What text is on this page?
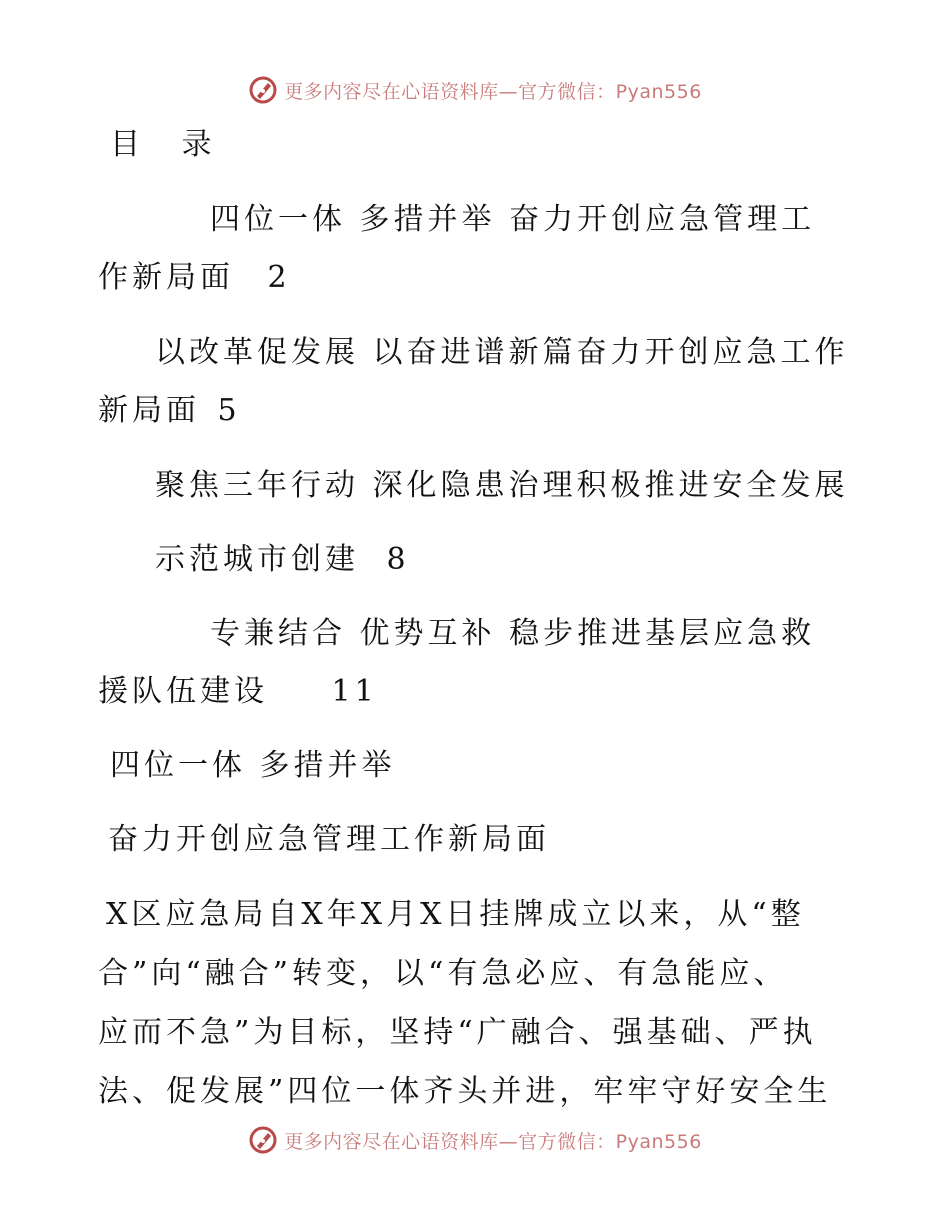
更多内容尽在心语资料库—官方微信：Pyan556

目 录

四位一体 多措并举 奋力开创应急管理工

作新局面 2

以改革促发展 以奋进谱新篇奋力开创应急工作

新局面 5

聚焦三年行动 深化隐患治理积极推进安全发展

示范城市创建 8

专兼结合 优势互补 稳步推进基层应急救

援队伍建设 11

四位一体 多措并举

奋力开创应急管理工作新局面

X区应急局自X年X月X日挂牌成立以来，从“整

合”向“融合”转变，以“有急必应、有急能应、

应而不急”为目标，坚持“广融合、强基础、严执

法、促发展”四位一体齐头并进，牢牢守好安全生

更多内容尽在心语资料库—官方微信：Pyan556
